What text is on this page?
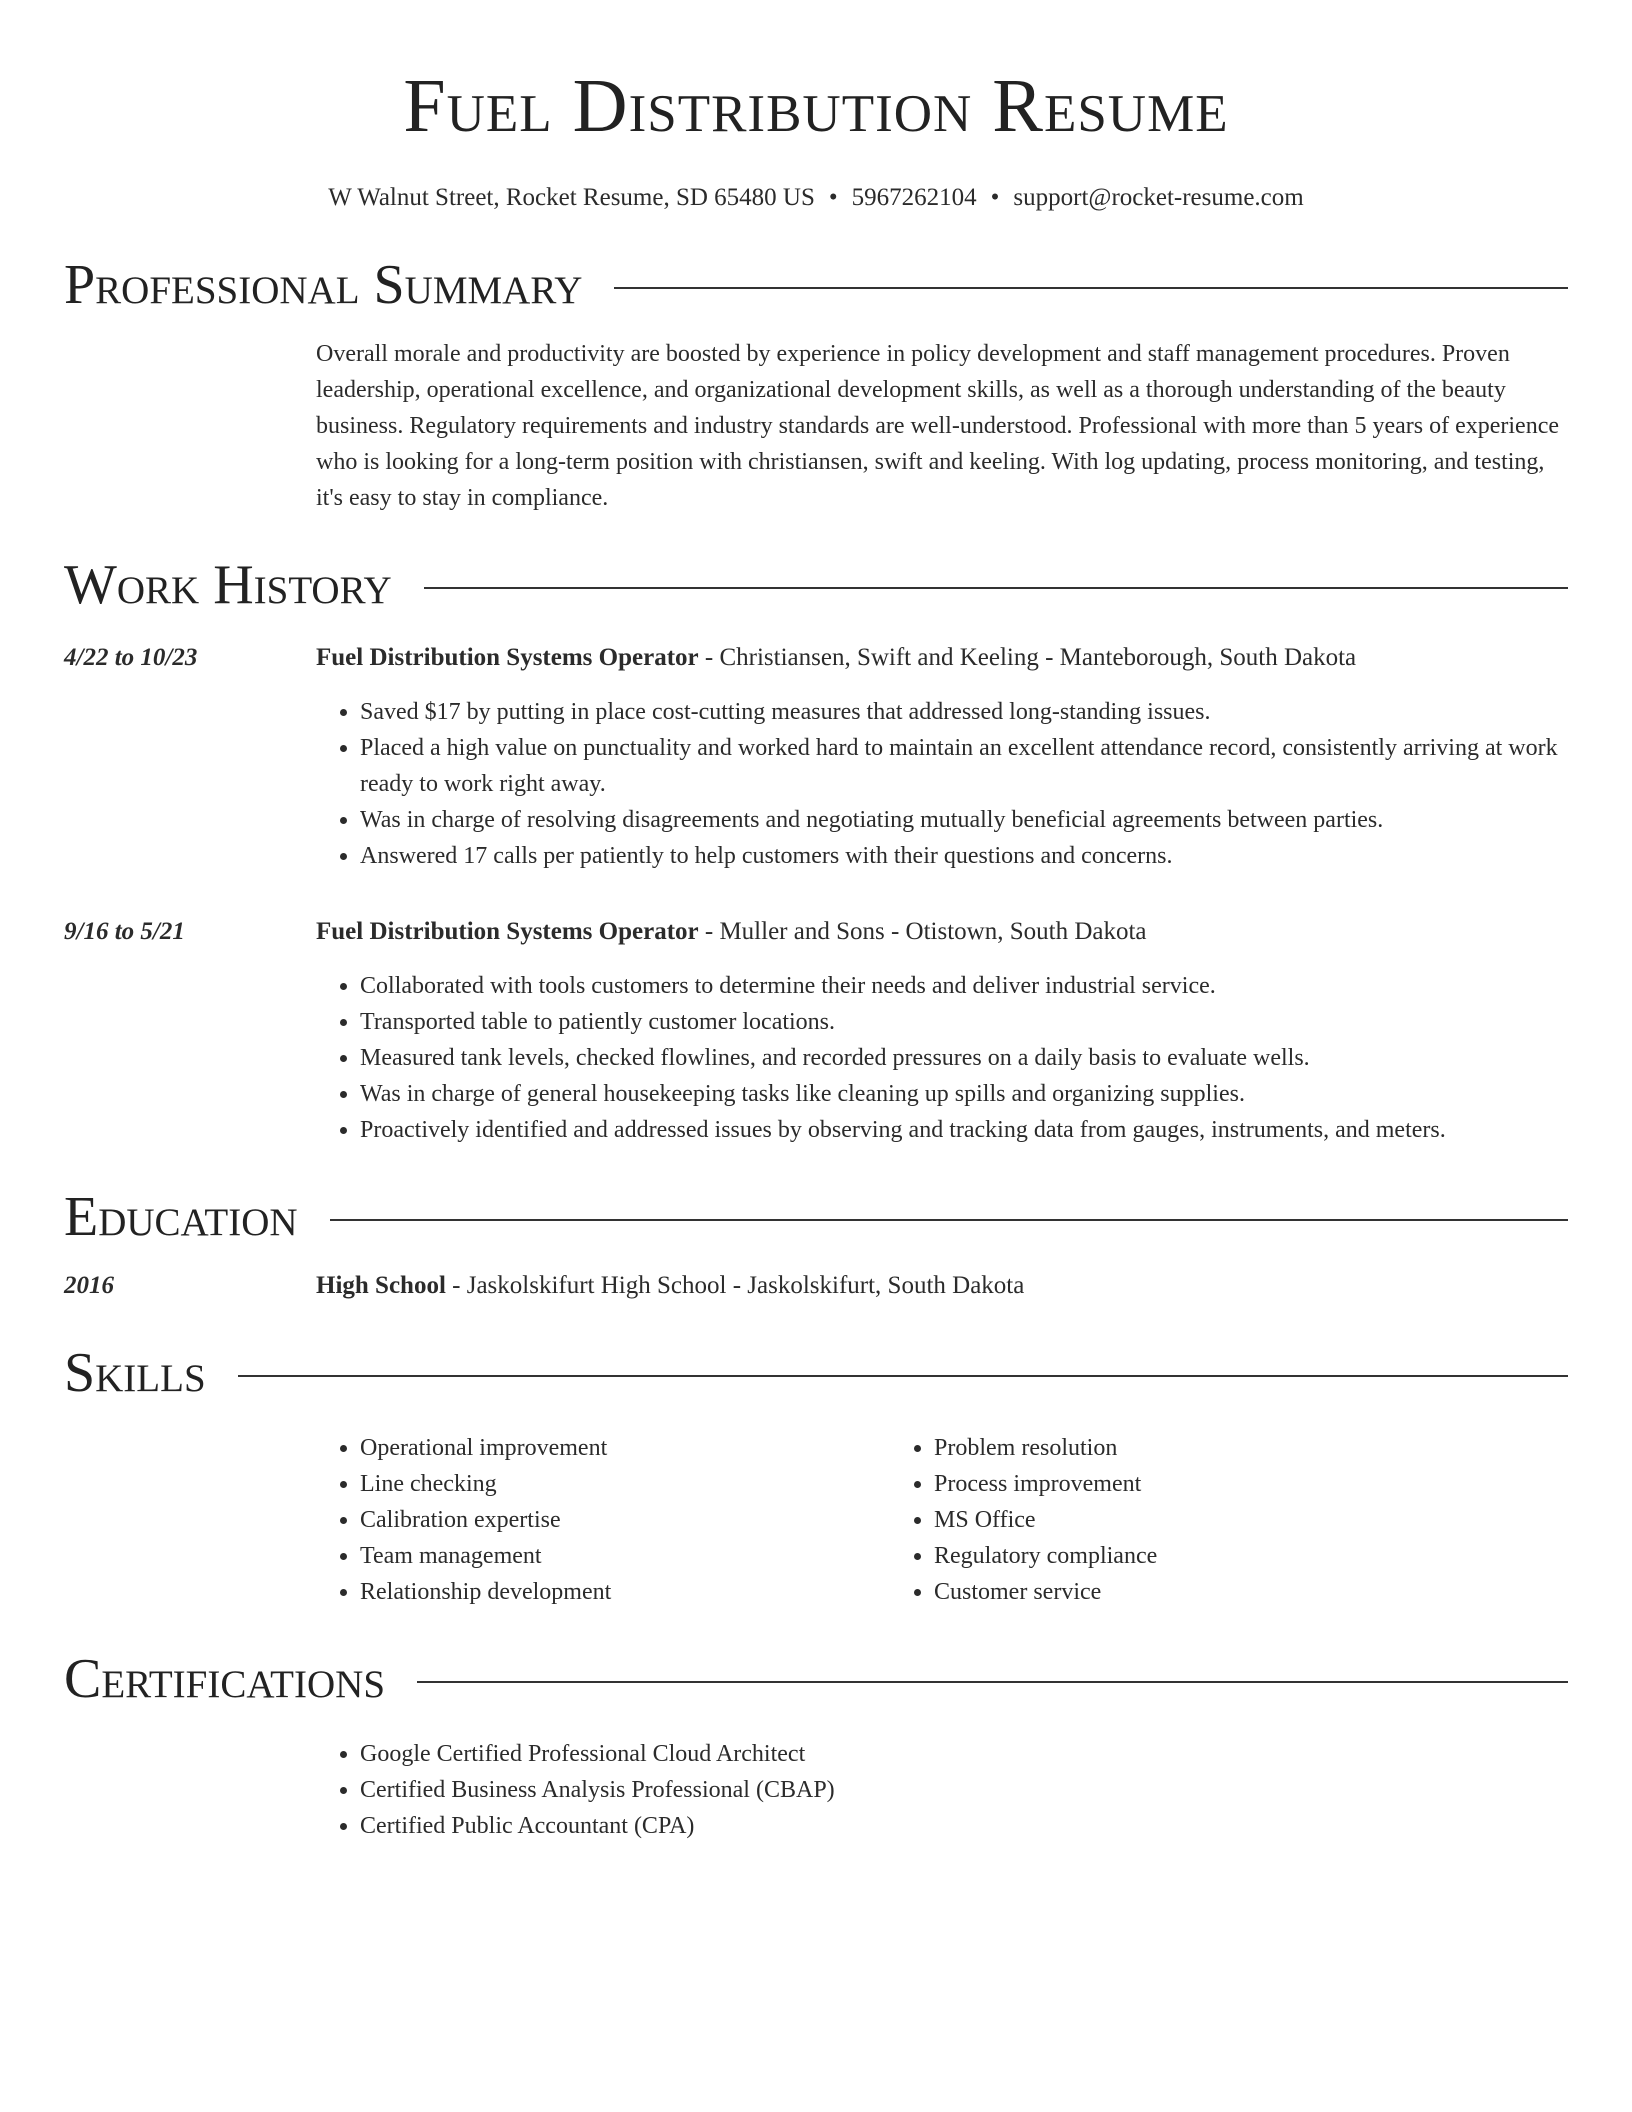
Fuel Distribution Resume
W Walnut Street, Rocket Resume, SD 65480 US • 5967262104 • support@rocket-resume.com
Professional Summary
Overall morale and productivity are boosted by experience in policy development and staff management procedures. Proven leadership, operational excellence, and organizational development skills, as well as a thorough understanding of the beauty business. Regulatory requirements and industry standards are well-understood. Professional with more than 5 years of experience who is looking for a long-term position with christiansen, swift and keeling. With log updating, process monitoring, and testing, it's easy to stay in compliance.
Work History
4/22 to 10/23	Fuel Distribution Systems Operator - Christiansen, Swift and Keeling - Manteborough, South Dakota
• Saved $17 by putting in place cost-cutting measures that addressed long-standing issues.
• Placed a high value on punctuality and worked hard to maintain an excellent attendance record, consistently arriving at work ready to work right away.
• Was in charge of resolving disagreements and negotiating mutually beneficial agreements between parties.
• Answered 17 calls per patiently to help customers with their questions and concerns.
9/16 to 5/21	Fuel Distribution Systems Operator - Muller and Sons - Otistown, South Dakota
• Collaborated with tools customers to determine their needs and deliver industrial service.
• Transported table to patiently customer locations.
• Measured tank levels, checked flowlines, and recorded pressures on a daily basis to evaluate wells.
• Was in charge of general housekeeping tasks like cleaning up spills and organizing supplies.
• Proactively identified and addressed issues by observing and tracking data from gauges, instruments, and meters.
Education
2016	High School - Jaskolskifurt High School - Jaskolskifurt, South Dakota
Skills
• Operational improvement
• Line checking
• Calibration expertise
• Team management
• Relationship development
• Problem resolution
• Process improvement
• MS Office
• Regulatory compliance
• Customer service
Certifications
• Google Certified Professional Cloud Architect
• Certified Business Analysis Professional (CBAP)
• Certified Public Accountant (CPA)
